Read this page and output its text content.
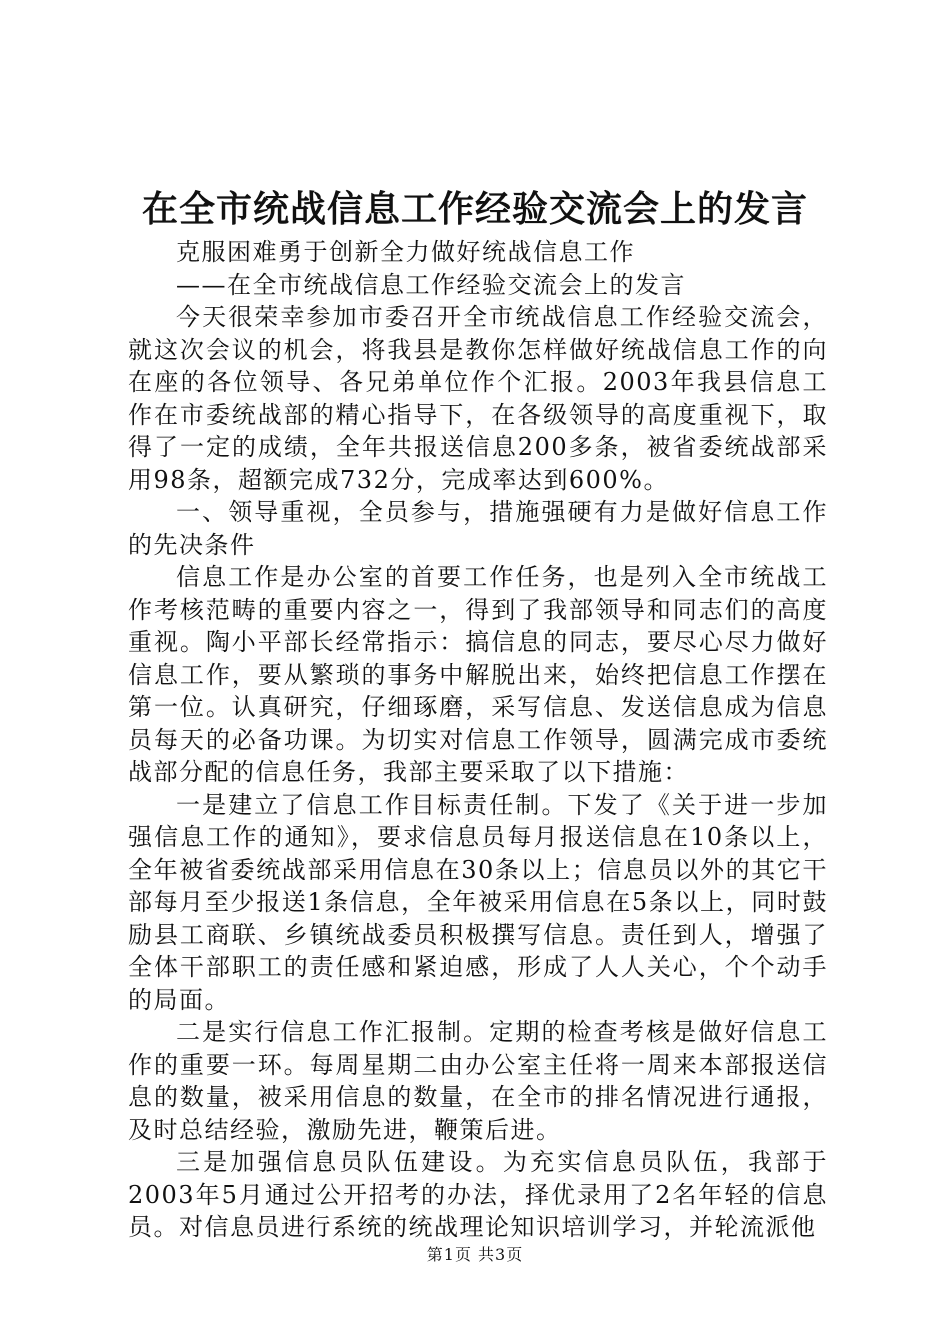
在全市统战信息工作经验交流会上的发言

克服困难勇于创新全力做好统战信息工作

——在全市统战信息工作经验交流会上的发言

今天很荣幸参加市委召开全市统战信息工作经验交流会，就这次会议的机会，将我县是教你怎样做好统战信息工作的向在座的各位领导、各兄弟单位作个汇报。2003年我县信息工作在市委统战部的精心指导下，在各级领导的高度重视下，取得了一定的成绩，全年共报送信息200多条，被省委统战部采用98条，超额完成732分，完成率达到600%。

一、领导重视，全员参与，措施强硬有力是做好信息工作的先决条件

信息工作是办公室的首要工作任务，也是列入全市统战工作考核范畴的重要内容之一，得到了我部领导和同志们的高度重视。陶小平部长经常指示：搞信息的同志，要尽心尽力做好信息工作，要从繁琐的事务中解脱出来，始终把信息工作摆在第一位。认真研究，仔细琢磨，采写信息、发送信息成为信息员每天的必备功课。为切实对信息工作领导，圆满完成市委统战部分配的信息任务，我部主要采取了以下措施：

一是建立了信息工作目标责任制。下发了《关于进一步加强信息工作的通知》，要求信息员每月报送信息在10条以上，全年被省委统战部采用信息在30条以上；信息员以外的其它干部每月至少报送1条信息，全年被采用信息在5条以上，同时鼓励县工商联、乡镇统战委员积极撰写信息。责任到人，增强了全体干部职工的责任感和紧迫感，形成了人人关心，个个动手的局面。

二是实行信息工作汇报制。定期的检查考核是做好信息工作的重要一环。每周星期二由办公室主任将一周来本部报送信息的数量，被采用信息的数量，在全市的排名情况进行通报，及时总结经验，激励先进，鞭策后进。

三是加强信息员队伍建设。为充实信息员队伍，我部于2003年5月通过公开招考的办法，择优录用了2名年轻的信息员。对信息员进行系统的统战理论知识培训学习，并轮流派他

第1页 共3页
